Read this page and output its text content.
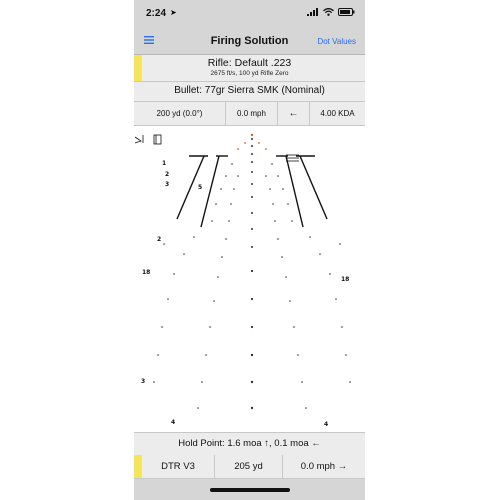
2:24 ➤
Firing Solution	Dot Values
Rifle: Default .223
2675 ft/s, 100 yd Rifle Zero
Bullet: 77gr Sierra SMK (Nominal)
200 yd (0.0°)	0.0 mph	←	4.00 KDA
1
2
3	5
2
18
18
3
4	4
Hold Point: 1.6 moa ↑, 0.1 moa ←
DTR V3	205 yd	0.0 mph →
